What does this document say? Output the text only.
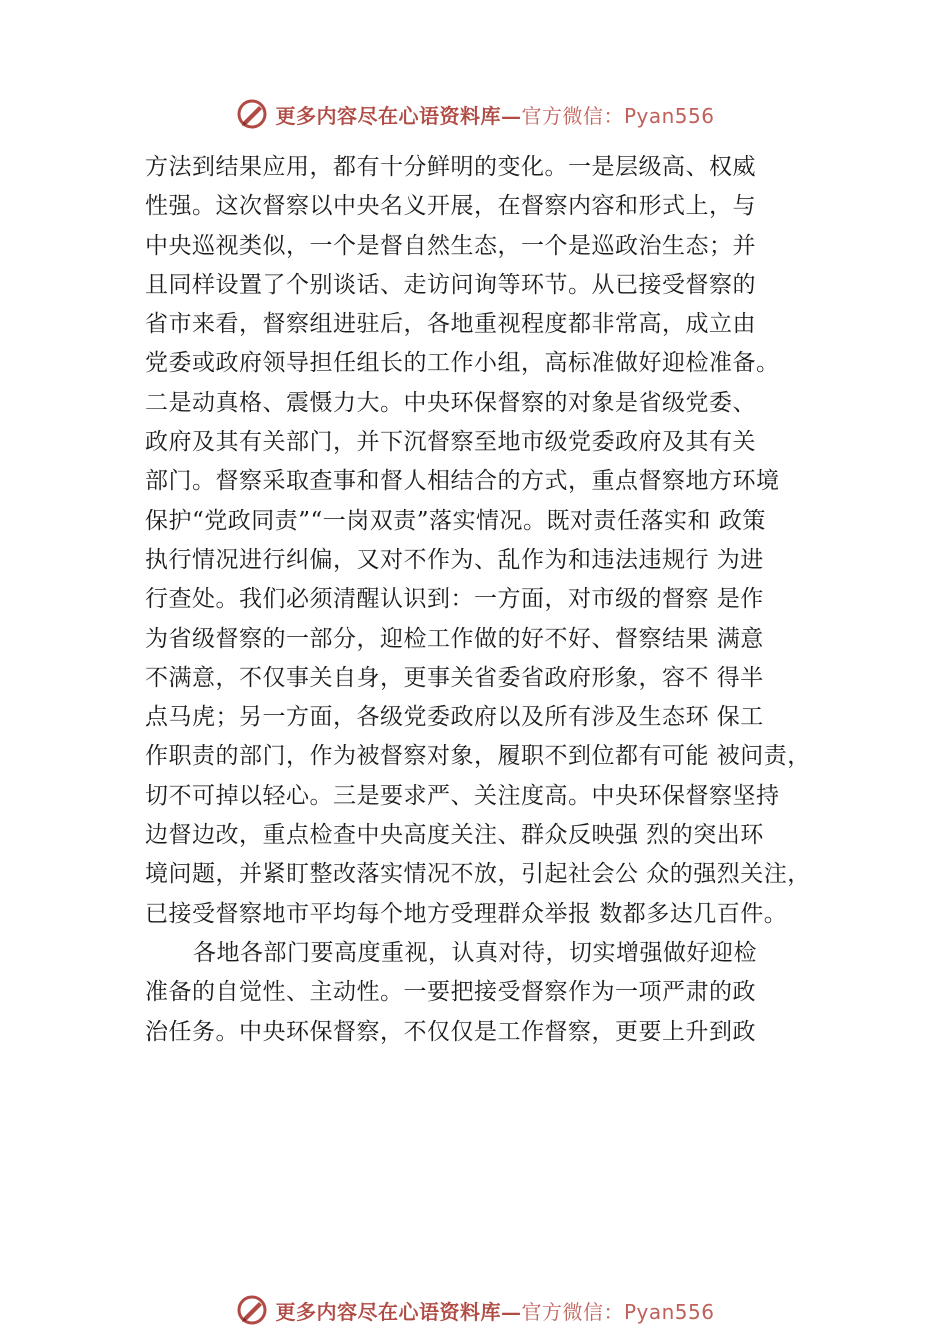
更多内容尽在心语资料库—官方微信：Pyan556
方法到结果应用，都有十分鲜明的变化。一是层级高、权威
性强。这次督察以中央名义开展，在督察内容和形式上，与
中央巡视类似，一个是督自然生态，一个是巡政治生态；并
且同样设置了个别谈话、走访问询等环节。从已接受督察的
省市来看，督察组进驻后，各地重视程度都非常高，成立由
党委或政府领导担任组长的工作小组，高标准做好迎检准备。
二是动真格、震慑力大。中央环保督察的对象是省级党委、
政府及其有关部门，并下沉督察至地市级党委政府及其有关
部门。督察采取查事和督人相结合的方式，重点督察地方环境
保护“党政同责”“一岗双责”落实情况。既对责任落实和 政策
执行情况进行纠偏，又对不作为、乱作为和违法违规行 为进
行查处。我们必须清醒认识到：一方面，对市级的督察 是作
为省级督察的一部分，迎检工作做的好不好、督察结果 满意
不满意，不仅事关自身，更事关省委省政府形象，容不 得半
点马虎；另一方面，各级党委政府以及所有涉及生态环 保工
作职责的部门，作为被督察对象，履职不到位都有可能 被问责，
切不可掉以轻心。三是要求严、关注度高。中央环保督察坚持
边督边改，重点检查中央高度关注、群众反映强 烈的突出环
境问题，并紧盯整改落实情况不放，引起社会公 众的强烈关注，
已接受督察地市平均每个地方受理群众举报 数都多达几百件。
各地各部门要高度重视，认真对待，切实增强做好迎检
准备的自觉性、主动性。一要把接受督察作为一项严肃的政
治任务。中央环保督察，不仅仅是工作督察，更要上升到政
更多内容尽在心语资料库—官方微信：Pyan556
